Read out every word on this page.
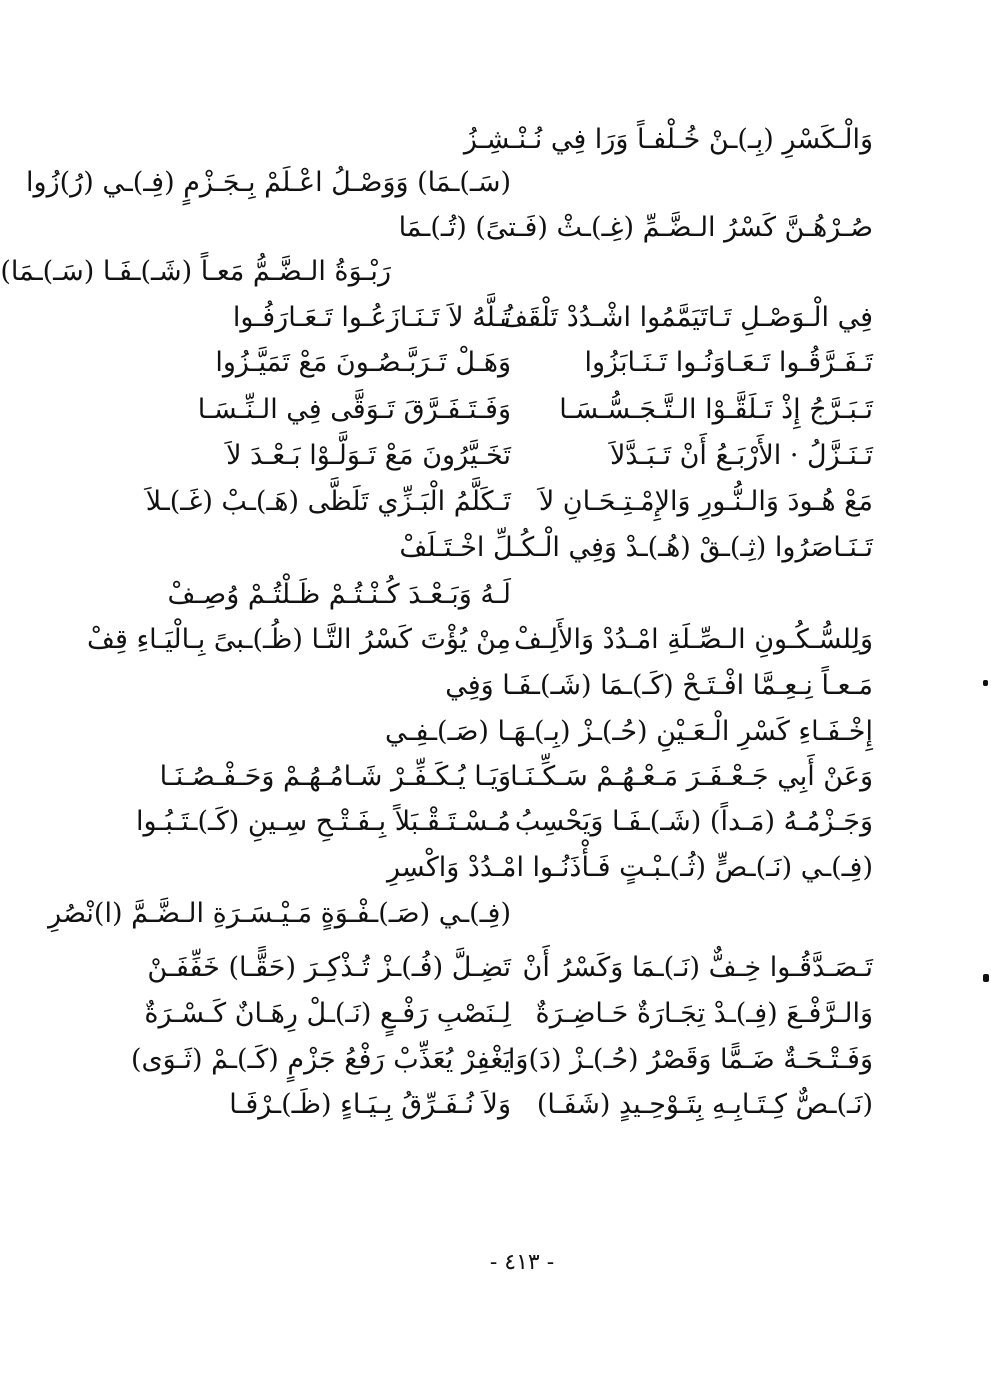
وَالْـكَسْرِ (بِـ)ـنْ خُـلْفـاً وَرَا فِي نُـنْـشِـزُ
(سَـ)ـمَا) وَوَصْـلُ اعْـلَمْ بِـجَـزْمٍ (فِـ)ـي (رُ)زُوا
صُـرْهُـنَّ كَسْرُ الـضَّـمِّ (غِـ)ـثْ (فَـتىً) (تُـ)ـمَا
رَبْـوَةُ الـضَّـمُّ مَعـاً (شَـ)ـفَـا (سَـ)ـمَا)
فِي الْـوَصْـلِ تَـاتَيَمَّمُوا اشْـدُدْ تَلْقَفُ
تَـلَّهُ لاَ تَـنَـازَعُـوا تَـعَـارَفُـوا
تَـفَـرَّقُـوا تَـعَـاوَنُـوا تَـنَـابَزُوا
وَهَـلْ تَـرَبَّـصُـونَ مَعْ تَمَيَّـزُوا
تَـبَـرَّجُ إِذْ تَـلَقَّـوْا الـتَّـجَـسُّـسَـا
وَفَـتَـفَـرَّقَ تَـوَقَّى فِي الـنِّـسَـا
تَـنَـزَّلُ · الأَرْبَـعُ أَنْ تَـبَـدَّلاَ
تَخَـيَّرُونَ مَعْ تَـوَلَّـوْا بَـعْـدَ لاَ
مَعْ هُـودَ وَالـنُّـورِ وَالإِمْـتِـحَـانِ لاَ
تَـكَلَّمُ الْبَـزِّي تَلَظَّى (هَـ)ـبْ (غَـ)ـلاَ
تَـنَـاصَرُوا (ثِـ)ـقْ (هُـ)ـدْ وَفِي الْـكُـلِّ اخْـتَـلَفْ
لَـهُ وَبَـعْـدَ كُـنْـتُـمْ ظَـلْتُـمْ وُصِـفْ
وَلِلسُّـكُـونِ الـصِّـلَةِ امْـدُدْ وَالأَلِـفْ
مِنْ يُؤْتَ كَسْرُ التَّـا (ظُـ)ـبىً بِـالْيَـاءِ قِفْ
مَـعـاً نِـعِـمَّا افْـتَـحْ (كَـ)ـمَا (شَـ)ـفَـا وَفِي
إِخْـفَـاءِ كَسْرِ الْـعَـيْنِ (حُـ)ـزْ (بِـ)ـهَـا (صَـ)ـفِـي
وَعَنْ أَبِي جَـعْـفَـرَ مَـعْـهُـمْ سَـكِّـنَـا
وَيَـا يُـكَـفِّـرْ شَـامُـهُـمْ وَحَـفْـصُـنَـا
وَجَـزْمُـهُ (مَـداً) (شَـ)ـفَـا وَيَحْسِبُ
مُـسْـتَـقْـبَلاً بِـفَـتْـحِ سِـينِ (كَـ)ـتَـبُـوا
(فِـ)ـي (نَـ)ـصٍّ (ثُـ)ـبْـتٍ فَـأْذَنُـوا امْـدُدْ وَاكْسِرِ
(فِـ)ـي (صَـ)ـفْـوَةٍ مَـيْـسَـرَةِ الـضَّـمَّ (ا)نْصُرِ
تَـصَـدَّقُـوا خِـفٌّ (نَـ)ـمَا وَكَسْرُ أَنْ
تَضِـلَّ (فُـ)ـزْ تُـذْكِـرَ (حَقًّـا) خَفِّفَـنْ
وَالـرَّفْـعَ (فِـ)ـدْ تِجَـارَةٌ حَـاضِـرَةٌ
لِـنَصْبِ رَفْـعٍ (نَـ)ـلْ رِهَـانٌ كَـسْـرَةٌ
وَفَـتْـحَـةٌ ضَـمًّا وَقَصْرُ (حُـ)ـزْ (دَ)وَا
يَغْفِرْ يُعَذِّبْ رَفْعُ جَزْمٍ (كَـ)ـمْ (ثَـوَى)
(نَـ)ـصٌّ كِـتَـابِـهِ بِتَـوْحِـيدٍ (شَفَـا)
وَلاَ نُـفَـرِّقُ بِـيَـاءٍ (ظَـ)ـرْفَـا
- ٤١٣ -
